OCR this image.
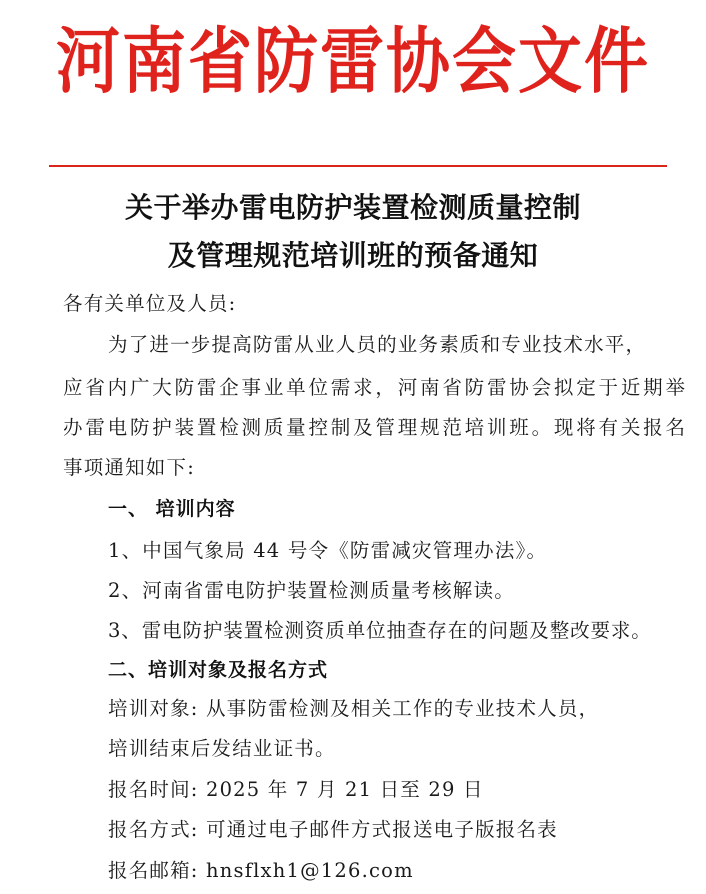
河南省防雷协会文件
关于举办雷电防护装置检测质量控制
及管理规范培训班的预备通知
各有关单位及人员:
为了进一步提高防雷从业人员的业务素质和专业技术水平，
应省内广大防雷企事业单位需求，河南省防雷协会拟定于近期举
办雷电防护装置检测质量控制及管理规范培训班。现将有关报名
事项通知如下:
一、 培训内容
1、中国气象局 44 号令《防雷减灾管理办法》。
2、河南省雷电防护装置检测质量考核解读。
3、雷电防护装置检测资质单位抽查存在的问题及整改要求。
二、培训对象及报名方式
培训对象: 从事防雷检测及相关工作的专业技术人员，
培训结束后发结业证书。
报名时间: 2025 年 7 月 21 日至 29 日
报名方式: 可通过电子邮件方式报送电子版报名表
报名邮箱: hnsflxh1@126.com
